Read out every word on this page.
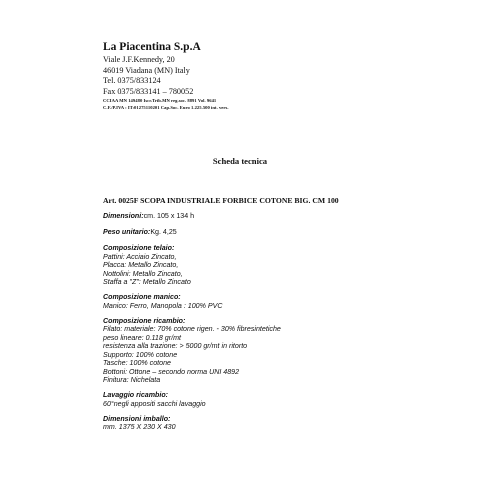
La Piacentina S.p.A
Viale J.F.Kennedy, 20
46019 Viadana (MN) Italy
Tel. 0375/833124
Fax 0375/833141 – 780052
CCIAA MN 149480 Iscr.Trib.MN reg.soc. 8891 Vol. 9641
C.F./P.IVA : IT:01275110201 Cap.Soc. Euro 1.225.500 int. vers.
Scheda tecnica
Art. 0025F SCOPA INDUSTRIALE FORBICE COTONE BIG. CM 100
Dimensioni:cm. 105 x 134 h
Peso unitario:Kg. 4,25
Composizione telaio:
Pattini: Acciaio Zincato,
Placca: Metallo Zincato,
Nottolini: Metallo Zincato,
Staffa a "Z": Metallo Zincato
Composizione manico:
Manico: Ferro, Manopola : 100% PVC
Composizione ricambio:
Filato: materiale: 70% cotone rigen. - 30% fibresintetiche
peso lineare: 0.118 gr/mt
resistenza alla trazione: > 5000 gr/mt in ritorto
Supporto: 100% cotone
Tasche: 100% cotone
Bottoni: Ottone – secondo norma UNI 4892
Finitura: Nichelata
Lavaggio ricambio:
60°negli appositi sacchi lavaggio
Dimensioni imballo:
mm. 1375 X 230 X 430
